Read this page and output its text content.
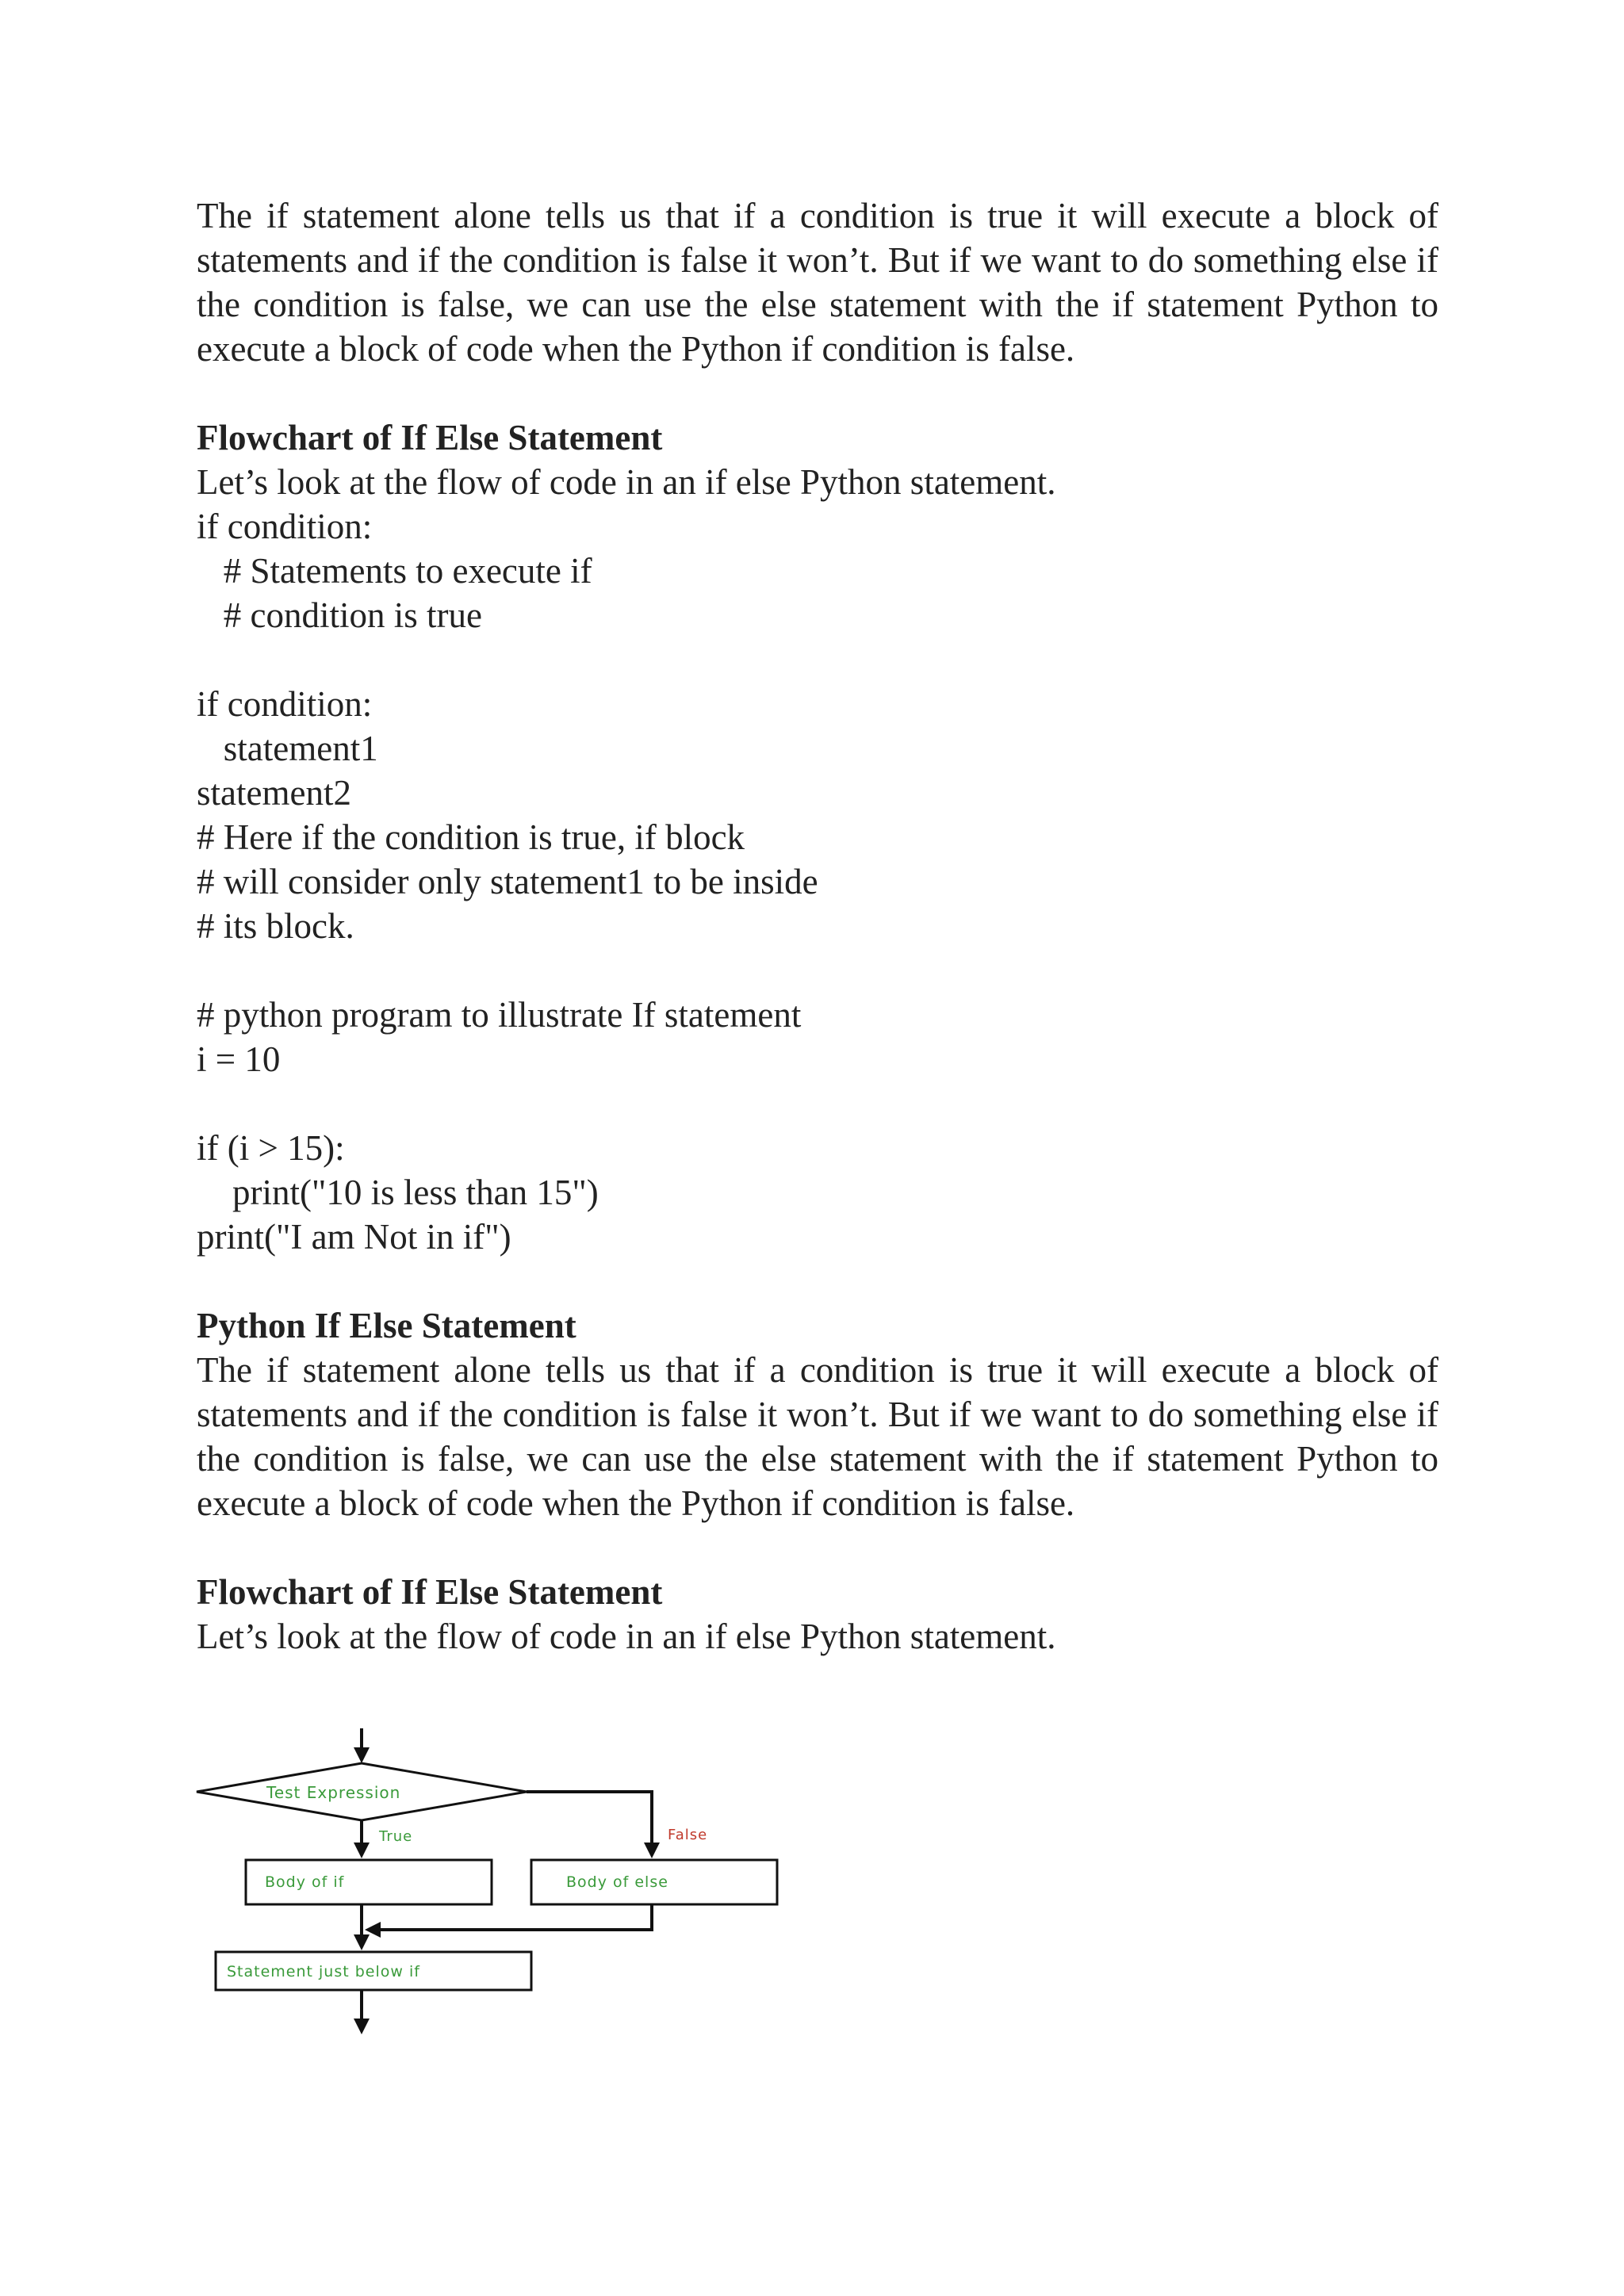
The if statement alone tells us that if a condition is true it will execute a block of statements and if the condition is false it won’t. But if we want to do something else if the condition is false, we can use the else statement with the if statement Python to execute a block of code when the Python if condition is false.

Flowchart of If Else Statement

Let’s look at the flow of code in an if else Python statement.

if condition:

# Statements to execute if

# condition is true

if condition:

statement1

statement2

# Here if the condition is true, if block

# will consider only statement1 to be inside

# its block.

# python program to illustrate If statement

i = 10

if (i > 15):

print("10 is less than 15")

print("I am Not in if")

Python If Else Statement

The if statement alone tells us that if a condition is true it will execute a block of statements and if the condition is false it won’t. But if we want to do something else if the condition is false, we can use the else statement with the if statement Python to execute a block of code when the Python if condition is false.

Flowchart of If Else Statement

Let’s look at the flow of code in an if else Python statement.

Test Expression
True	False
Body of if	Body of else
Statement just below if
